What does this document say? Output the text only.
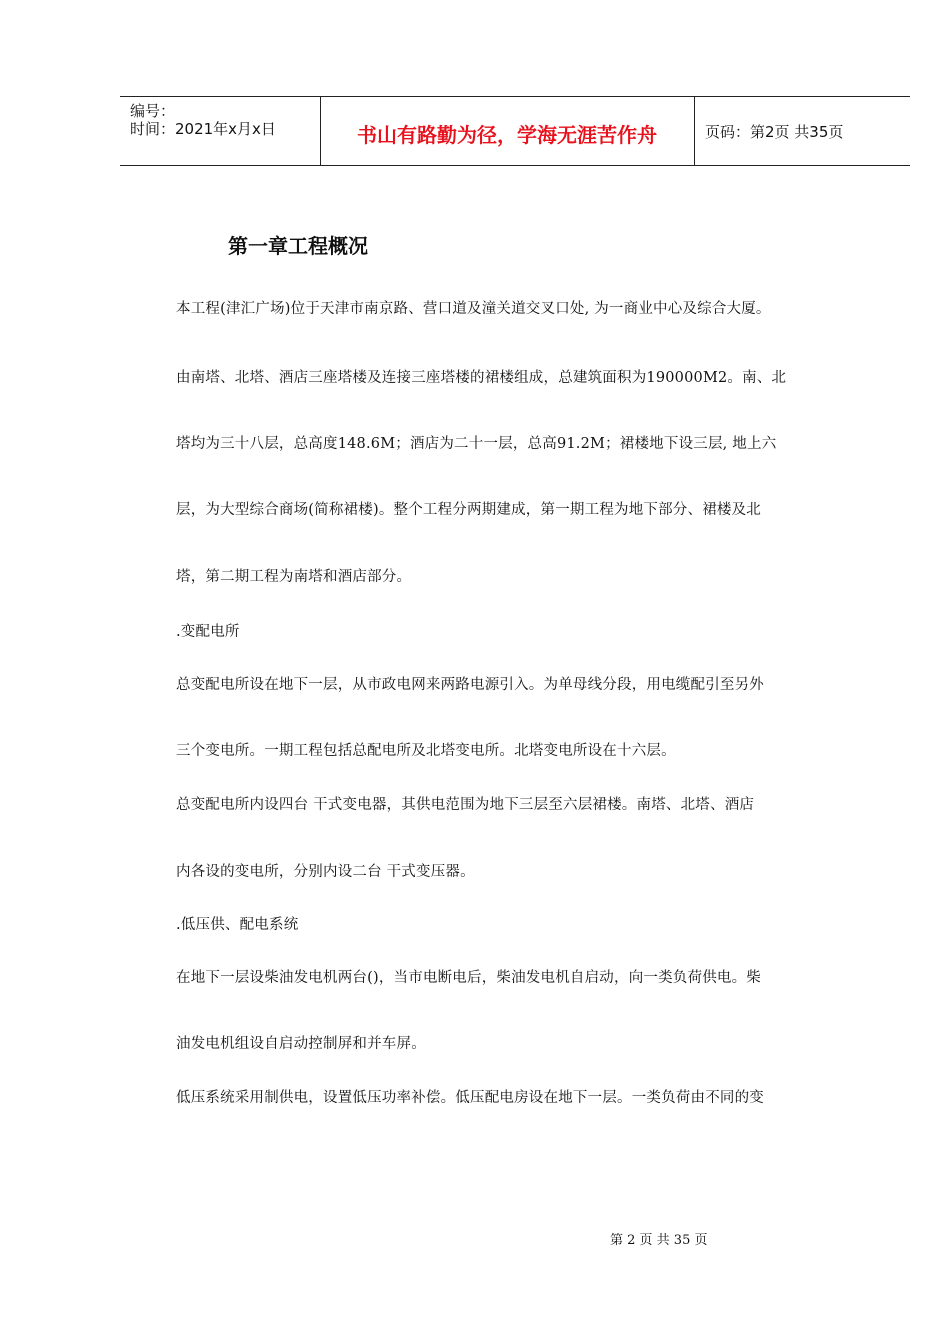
编号：
时间：2021年x月x日	书山有路勤为径，学海无涯苦作舟	页码：第2页 共35页
第一章工程概况
本工程(津汇广场)位于天津市南京路、营口道及潼关道交叉口处, 为一商业中心及综合大厦。
由南塔、北塔、酒店三座塔楼及连接三座塔楼的裙楼组成，总建筑面积为190000M2。南、北
塔均为三十八层，总高度148.6M；酒店为二十一层，总高91.2M；裙楼地下设三层, 地上六
层，为大型综合商场(简称裙楼)。整个工程分两期建成，第一期工程为地下部分、裙楼及北
塔，第二期工程为南塔和酒店部分。
.变配电所
总变配电所设在地下一层，从市政电网来两路电源引入。为单母线分段，用电缆配引至另外
三个变电所。一期工程包括总配电所及北塔变电所。北塔变电所设在十六层。
总变配电所内设四台 干式变电器，其供电范围为地下三层至六层裙楼。南塔、北塔、酒店
内各设的变电所，分别内设二台 干式变压器。
.低压供、配电系统
在地下一层设柴油发电机两台()，当市电断电后，柴油发电机自启动，向一类负荷供电。柴
油发电机组设自启动控制屏和并车屏。
低压系统采用制供电，设置低压功率补偿。低压配电房设在地下一层。一类负荷由不同的变
第 2 页 共 35 页
